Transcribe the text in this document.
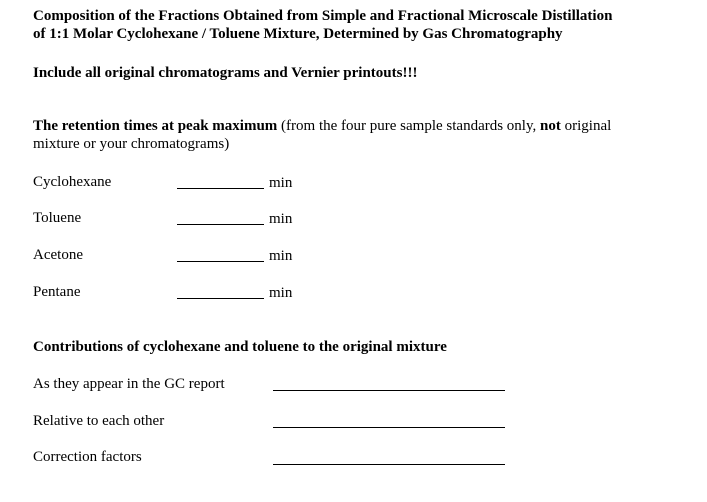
Composition of the Fractions Obtained from Simple and Fractional Microscale Distillation
of 1:1 Molar Cyclohexane / Toluene Mixture, Determined by Gas Chromatography
Include all original chromatograms and Vernier printouts!!!
The retention times at peak maximum (from the four pure sample standards only, not original
mixture or your chromatograms)
Cyclohexane	min
Toluene	min
Acetone	min
Pentane	min
Contributions of cyclohexane and toluene to the original mixture
As they appear in the GC report
Relative to each other
Correction factors
